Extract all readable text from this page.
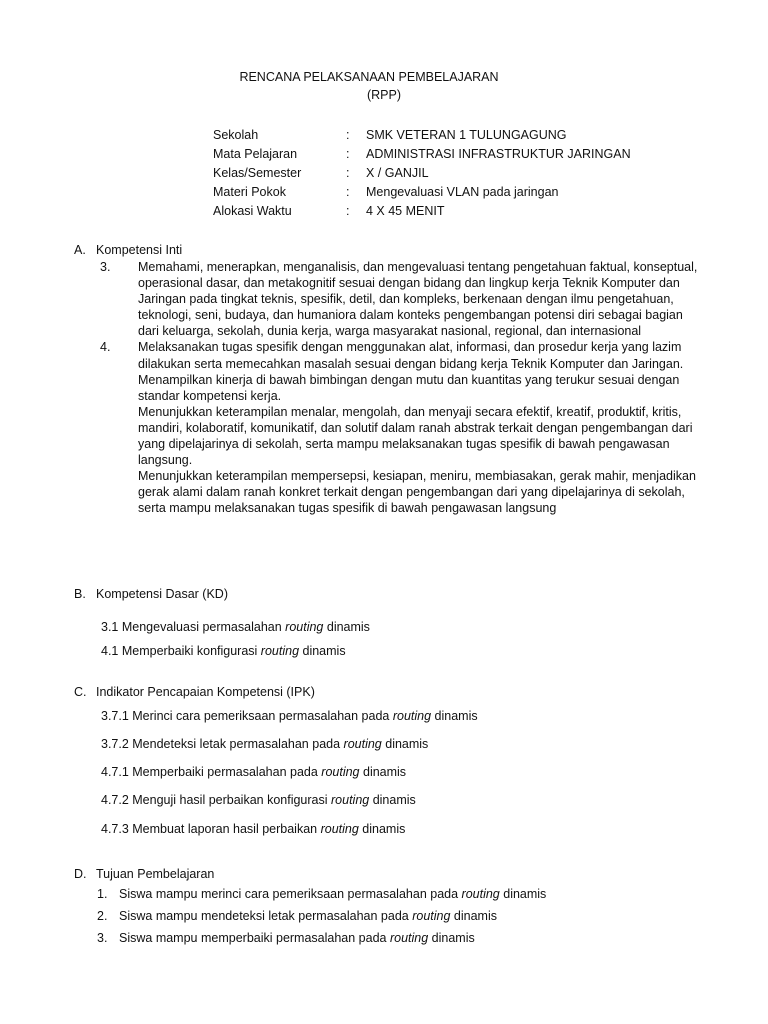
RENCANA PELAKSANAAN PEMBELAJARAN
(RPP)
Sekolah	: SMK VETERAN 1 TULUNGAGUNG
Mata Pelajaran	: ADMINISTRASI INFRASTRUKTUR JARINGAN
Kelas/Semester	: X / GANJIL
Materi Pokok	: Mengevaluasi VLAN pada jaringan
Alokasi Waktu	: 4 X 45 MENIT
A. Kompetensi Inti
3. Memahami, menerapkan, menganalisis, dan mengevaluasi tentang pengetahuan faktual, konseptual, operasional dasar, dan metakognitif sesuai dengan bidang dan lingkup kerja Teknik Komputer dan Jaringan pada tingkat teknis, spesifik, detil, dan kompleks, berkenaan dengan ilmu pengetahuan, teknologi, seni, budaya, dan humaniora dalam konteks pengembangan potensi diri sebagai bagian dari keluarga, sekolah, dunia kerja, warga masyarakat nasional, regional, dan internasional

4. Melaksanakan tugas spesifik dengan menggunakan alat, informasi, dan prosedur kerja yang lazim dilakukan serta memecahkan masalah sesuai dengan bidang kerja Teknik Komputer dan Jaringan. Menampilkan kinerja di bawah bimbingan dengan mutu dan kuantitas yang terukur sesuai dengan standar kompetensi kerja.

Menunjukkan keterampilan menalar, mengolah, dan menyaji secara efektif, kreatif, produktif, kritis, mandiri, kolaboratif, komunikatif, dan solutif dalam ranah abstrak terkait dengan pengembangan dari yang dipelajarinya di sekolah, serta mampu melaksanakan tugas spesifik di bawah pengawasan langsung.

Menunjukkan keterampilan mempersepsi, kesiapan, meniru, membiasakan, gerak mahir, menjadikan gerak alami dalam ranah konkret terkait dengan pengembangan dari yang dipelajarinya di sekolah, serta mampu melaksanakan tugas spesifik di bawah pengawasan langsung

B. Kompetensi Dasar (KD)
3.1 Mengevaluasi permasalahan routing dinamis
4.1 Memperbaiki konfigurasi routing dinamis
C. Indikator Pencapaian Kompetensi (IPK)
3.7.1 Merinci cara pemeriksaan permasalahan pada routing dinamis
3.7.2 Mendeteksi letak permasalahan pada routing dinamis
4.7.1 Memperbaiki permasalahan pada routing dinamis
4.7.2 Menguji hasil perbaikan konfigurasi routing dinamis
4.7.3 Membuat laporan hasil perbaikan routing dinamis
D. Tujuan Pembelajaran
1. Siswa mampu merinci cara pemeriksaan permasalahan pada routing dinamis
2. Siswa mampu mendeteksi letak permasalahan pada routing dinamis
3. Siswa mampu memperbaiki permasalahan pada routing dinamis
